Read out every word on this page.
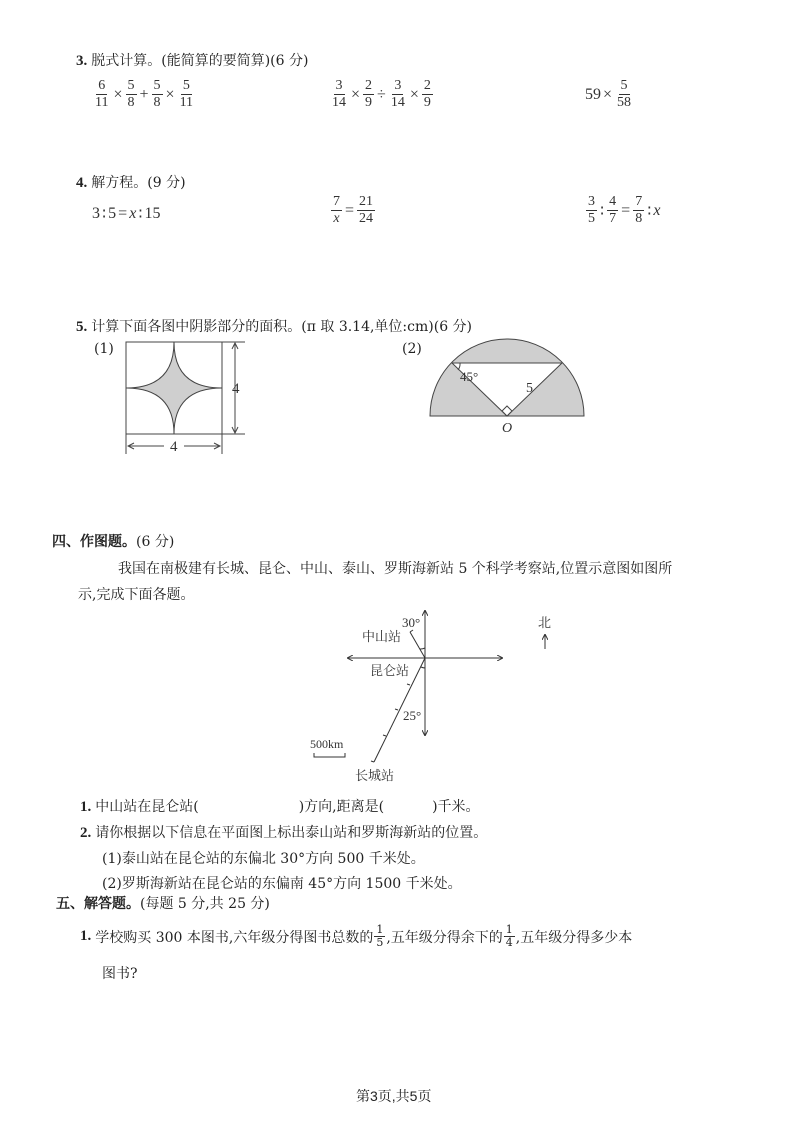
3. 脱式计算。(能简算的要简算)(6 分)
$\frac{6}{11} \times \frac{5}{8} + \frac{5}{8} \times \frac{5}{11}$	$\frac{3}{14} \times \frac{2}{9} \div \frac{3}{14} \times \frac{2}{9}$	$59 \times \frac{5}{58}$
4. 解方程。(9 分)
3 ∶ 5 = x ∶ 15	$\frac{7}{x} = \frac{21}{24}$	$\frac{3}{5}$ ∶ $\frac{4}{7} = \frac{7}{8}$ ∶ x
5. 计算下面各图中阴影部分的面积。(π 取 3.14,单位:cm)(6 分)
(1)
4
4
(2)
45°
5
O
四、作图题。(6 分)
我国在南极建有长城、昆仑、中山、泰山、罗斯海新站 5 个科学考察站,位置示意图如图所
示,完成下面各题。
30°
25°
中山站
昆仑站
长城站
500km
北
1. 中山站在昆仑站(	)方向,距离是(	)千米。
2. 请你根据以下信息在平面图上标出泰山站和罗斯海新站的位置。
(1)泰山站在昆仑站的东偏北 30°方向 500 千米处。
(2)罗斯海新站在昆仑站的东偏南 45°方向 1500 千米处。
五、解答题。(每题 5 分,共 25 分)
1. 学校购买 300 本图书,六年级分得图书总数的 $\frac{1}{5}$ ,五年级分得余下的 $\frac{1}{4}$ ,五年级分得多少本
图书?
第3页,共5页
